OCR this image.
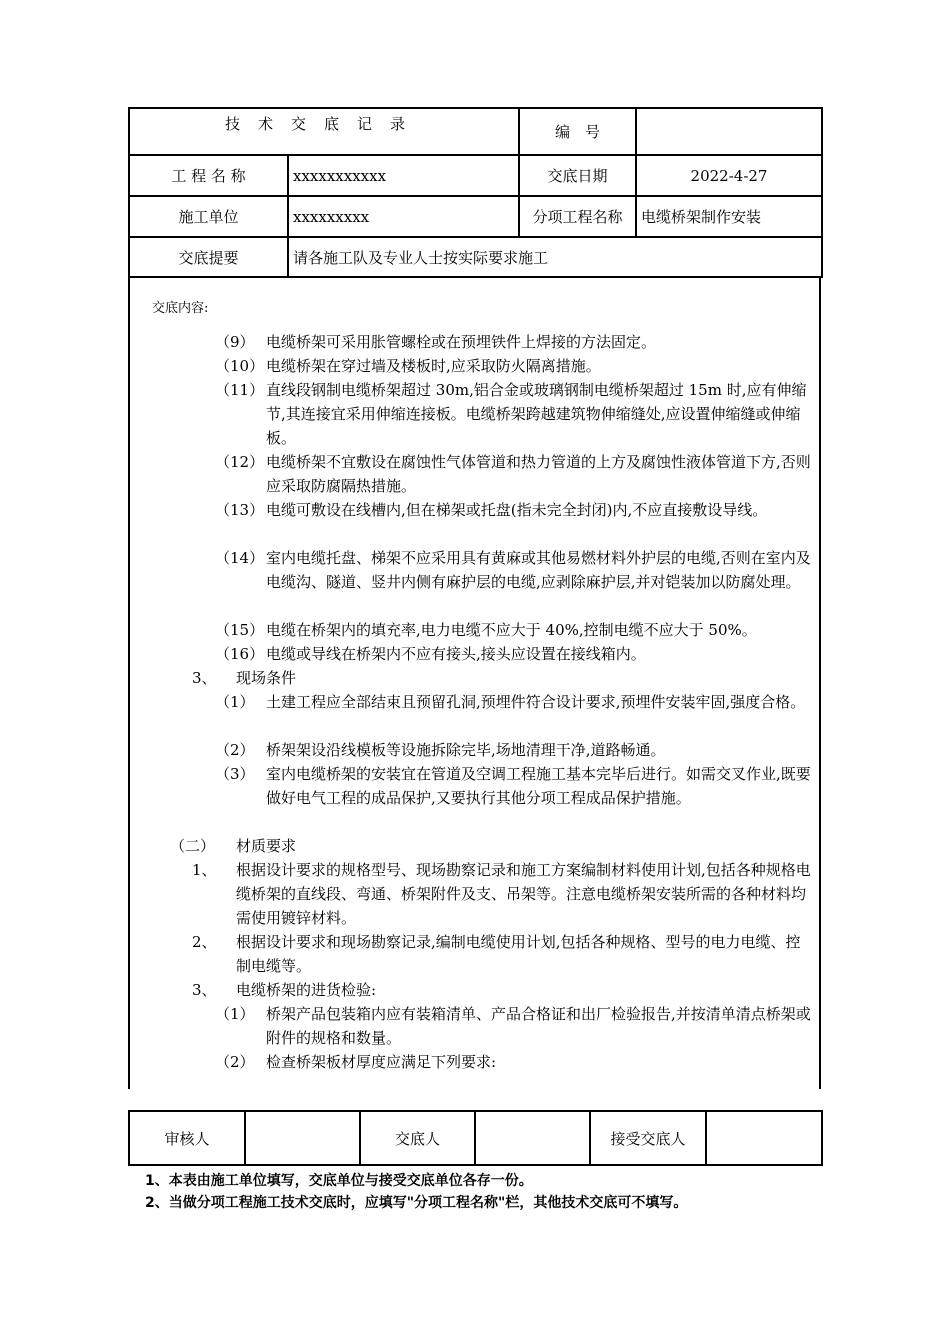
技术交底记录		编　号	
工 程 名 称	xxxxxxxxxxx	交底日期	2022-4-27
施工单位	xxxxxxxxx	分项工程名称	电缆桥架制作安装
交底提要	请各施工队及专业人士按实际要求施工		
交底内容:
（9） 电缆桥架可采用胀管螺栓或在预埋铁件上焊接的方法固定。
（10） 电缆桥架在穿过墙及楼板时,应采取防火隔离措施。
（11） 直线段钢制电缆桥架超过 30m,铝合金或玻璃钢制电缆桥架超过 15m 时,应有伸缩节,其连接宜采用伸缩连接板。电缆桥架跨越建筑物伸缩缝处,应设置伸缩缝或伸缩板。
（12） 电缆桥架不宜敷设在腐蚀性气体管道和热力管道的上方及腐蚀性液体管道下方,否则应采取防腐隔热措施。
（13） 电缆可敷设在线槽内,但在梯架或托盘(指未完全封闭)内,不应直接敷设导线。
（14） 室内电缆托盘、梯架不应采用具有黄麻或其他易燃材料外护层的电缆,否则在室内及电缆沟、隧道、竖井内侧有麻护层的电缆,应剥除麻护层,并对铠装加以防腐处理。
（15） 电缆在桥架内的填充率,电力电缆不应大于 40%,控制电缆不应大于 50%。
（16） 电缆或导线在桥架内不应有接头,接头应设置在接线箱内。
3、 现场条件
（1） 土建工程应全部结束且预留孔洞,预埋件符合设计要求,预埋件安装牢固,强度合格。
（2） 桥架架设沿线模板等设施拆除完毕,场地清理干净,道路畅通。
（3） 室内电缆桥架的安装宜在管道及空调工程施工基本完毕后进行。如需交叉作业,既要做好电气工程的成品保护,又要执行其他分项工程成品保护措施。
（二） 材质要求
1、 根据设计要求的规格型号、现场勘察记录和施工方案编制材料使用计划,包括各种规格电缆桥架的直线段、弯通、桥架附件及支、吊架等。注意电缆桥架安装所需的各种材料均需使用镀锌材料。
2、 根据设计要求和现场勘察记录,编制电缆使用计划,包括各种规格、型号的电力电缆、控制电缆等。
3、 电缆桥架的进货检验:
（1） 桥架产品包装箱内应有装箱清单、产品合格证和出厂检验报告,并按清单清点桥架或附件的规格和数量。
（2） 检查桥架板材厚度应满足下列要求:
审核人		交底人		接受交底人	
1、本表由施工单位填写，交底单位与接受交底单位各存一份。
2、当做分项工程施工技术交底时，应填写"分项工程名称"栏，其他技术交底可不填写。
